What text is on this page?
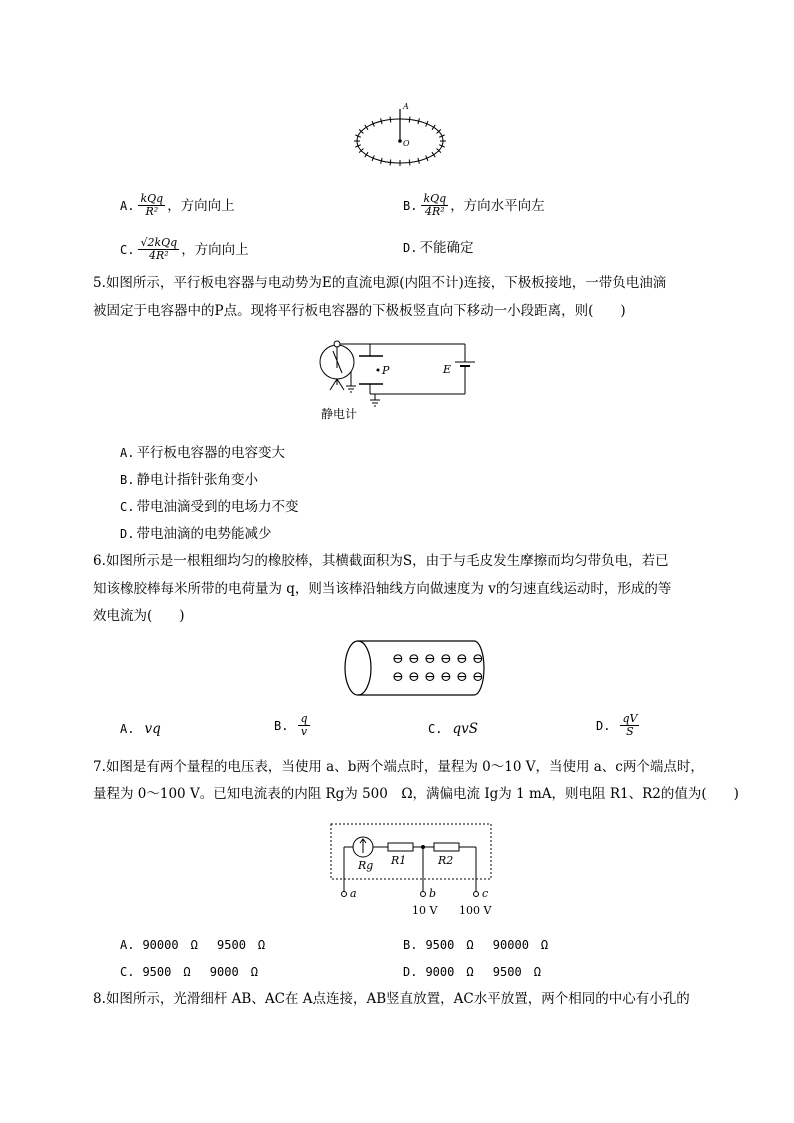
A
O
A. $\frac{\text{kQq}}{\text{R²}}$ ，方向向上	B. $\frac{\text{kQq}}{\text{4R²}}$ ，方向水平向左
C. $\frac{\text{√2kQq}}{\text{4R²}}$ ，方向向上	D. 不能确定
5.如图所示，平行板电容器与电动势为E的直流电源(内阻不计)连接，下极板接地，一带负电油滴
被固定于电容器中的P点。现将平行板电容器的下极板竖直向下移动一小段距离，则(　　)
P	E
静电计
A. 平行板电容器的电容变大
B. 静电计指针张角变小
C. 带电油滴受到的电场力不变
D. 带电油滴的电势能减少
6.如图所示是一根粗细均匀的橡胶棒，其横截面积为S，由于与毛皮发生摩擦而均匀带负电，若已
知该橡胶棒每米所带的电荷量为 q，则当该棒沿轴线方向做速度为 v的匀速直线运动时，形成的等
效电流为(　　)
⊖ ⊖ ⊖ ⊖ ⊖ ⊖
⊖ ⊖ ⊖ ⊖ ⊖ ⊖
A. vq	B. $\frac{q}{v}$	C. qvS	D. $\frac{qV}{S}$
7.如图是有两个量程的电压表，当使用 a、b两个端点时，量程为 0～10 V，当使用 a、c两个端点时，
量程为 0～100 V。已知电流表的内阻 Rg为 500　Ω，满偏电流 Ig为 1 mA，则电阻 R1、R2的值为(　　)
Rg R1	R2
a	b	c
10 V 100 V
A. 90000　Ω　 9500　Ω	B. 9500　Ω　 90000　Ω
C. 9500　Ω　 9000　Ω	D. 9000　Ω　 9500　Ω
8.如图所示，光滑细杆 AB、AC在 A点连接，AB竖直放置，AC水平放置，两个相同的中心有小孔的
